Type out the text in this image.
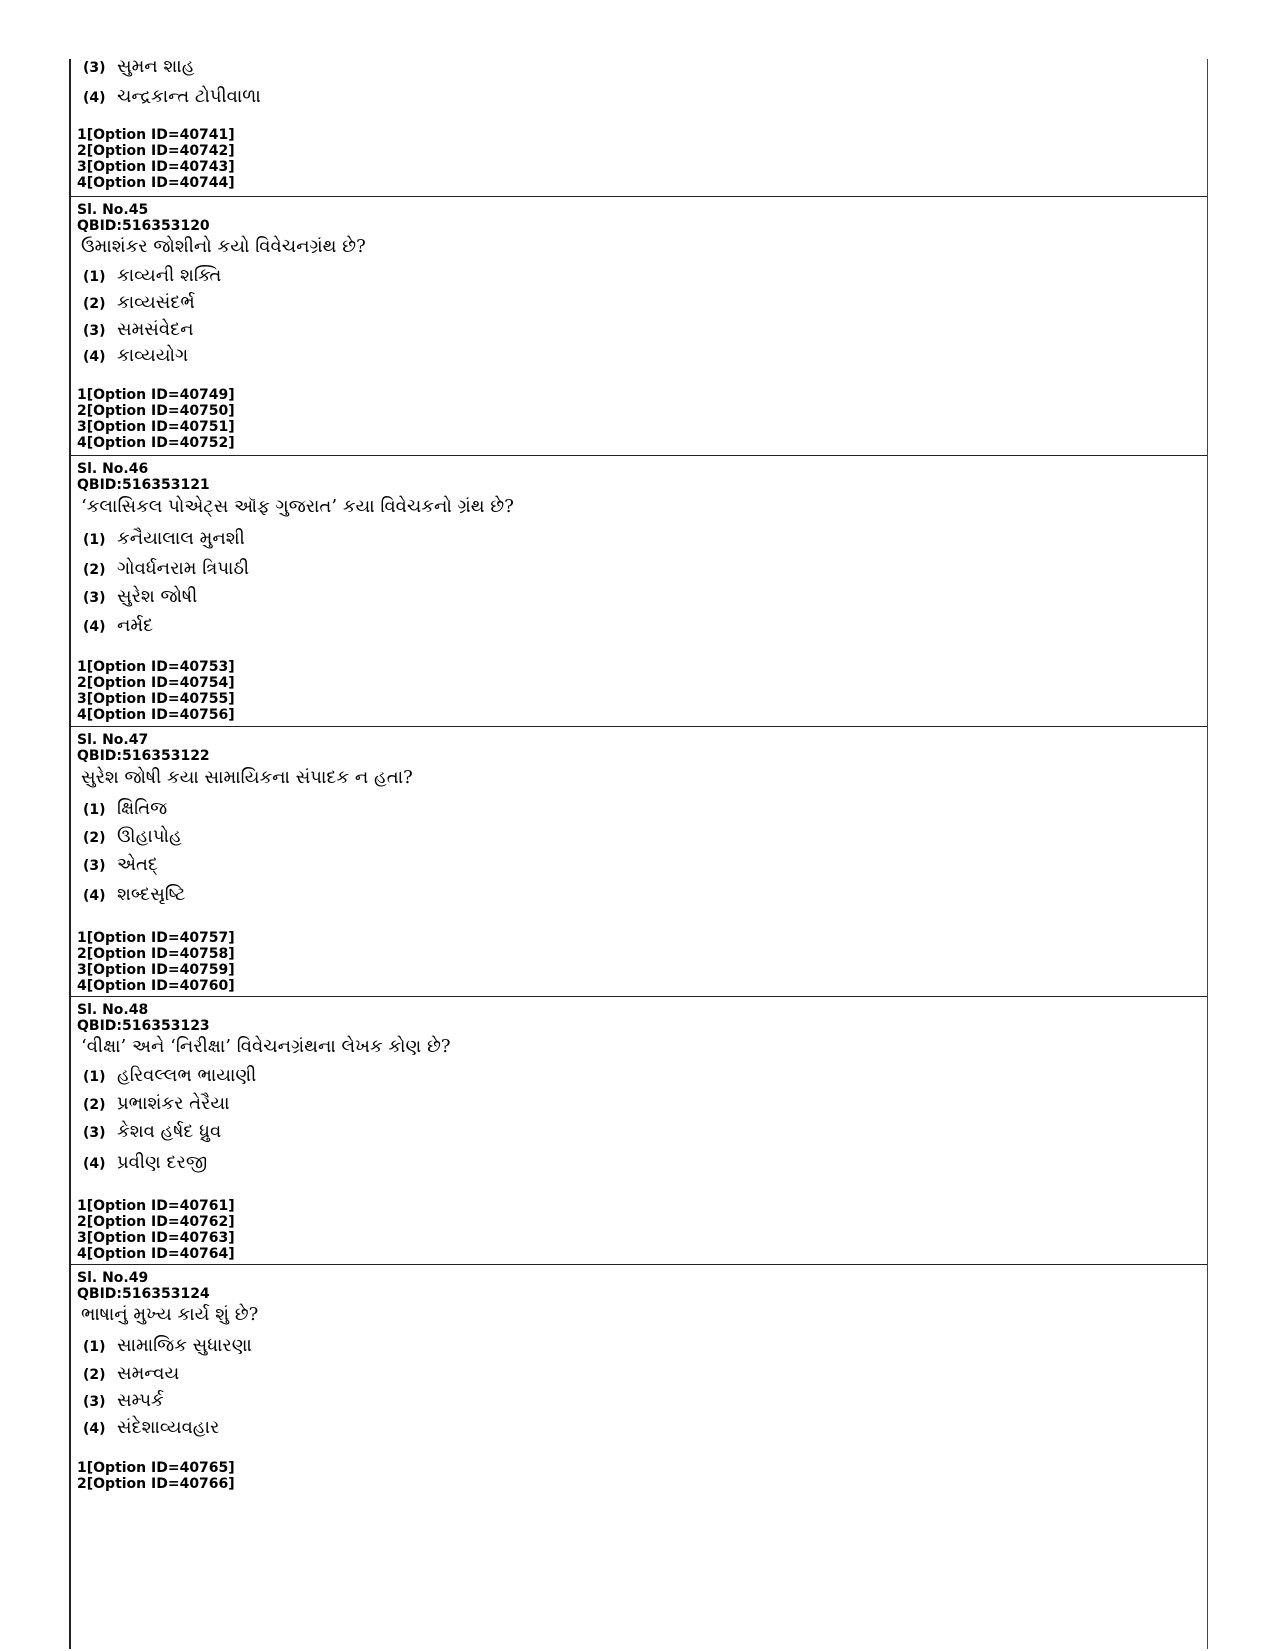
(3) સુમન શાહ
(4) ચન્દ્રકાન્ત ટોપીવાળા
1[Option ID=40741]
2[Option ID=40742]
3[Option ID=40743]
4[Option ID=40744]
Sl. No.45
QBID:516353120
ઉમાશંકર જોશીનો કયો વિવેચનગ્રંથ છે?
(1) કાવ્યની શક્તિ
(2) કાવ્યસંદર્ભ
(3) સમસંવેદન
(4) કાવ્યયોગ
1[Option ID=40749]
2[Option ID=40750]
3[Option ID=40751]
4[Option ID=40752]
Sl. No.46
QBID:516353121
‘કલાસિકલ પોએટ્સ ઑફ ગુજરાત’ કયા વિવેચકનો ગ્રંથ છે?
(1) કનૈયાલાલ મુનશી
(2) ગોવર્ધનરામ ત્રિપાઠી
(3) સુરેશ જોષી
(4) નર્મદ
1[Option ID=40753]
2[Option ID=40754]
3[Option ID=40755]
4[Option ID=40756]
Sl. No.47
QBID:516353122
સુરેશ જોષી કયા સામાયિકના સંપાદક ન હતા?
(1) ક્ષિતિજ
(2) ઊહાપોહ
(3) એતદ્
(4) શબ્દસૃષ્ટિ
1[Option ID=40757]
2[Option ID=40758]
3[Option ID=40759]
4[Option ID=40760]
Sl. No.48
QBID:516353123
‘વીક્ષા’ અને ‘નિરીક્ષા’ વિવેચનગ્રંથના લેખક કોણ છે?
(1) હરિવલ્લભ ભાયાણી
(2) પ્રભાશંકર તેરૈયા
(3) કેશવ હર્ષદ ધ્રુવ
(4) પ્રવીણ દરજી
1[Option ID=40761]
2[Option ID=40762]
3[Option ID=40763]
4[Option ID=40764]
Sl. No.49
QBID:516353124
ભાષાનું મુખ્ય કાર્ય શું છે?
(1) સામાજિક સુધારણા
(2) સમન્વય
(3) સમ્પર્ક
(4) સંદેશાવ્યવહાર
1[Option ID=40765]
2[Option ID=40766]
